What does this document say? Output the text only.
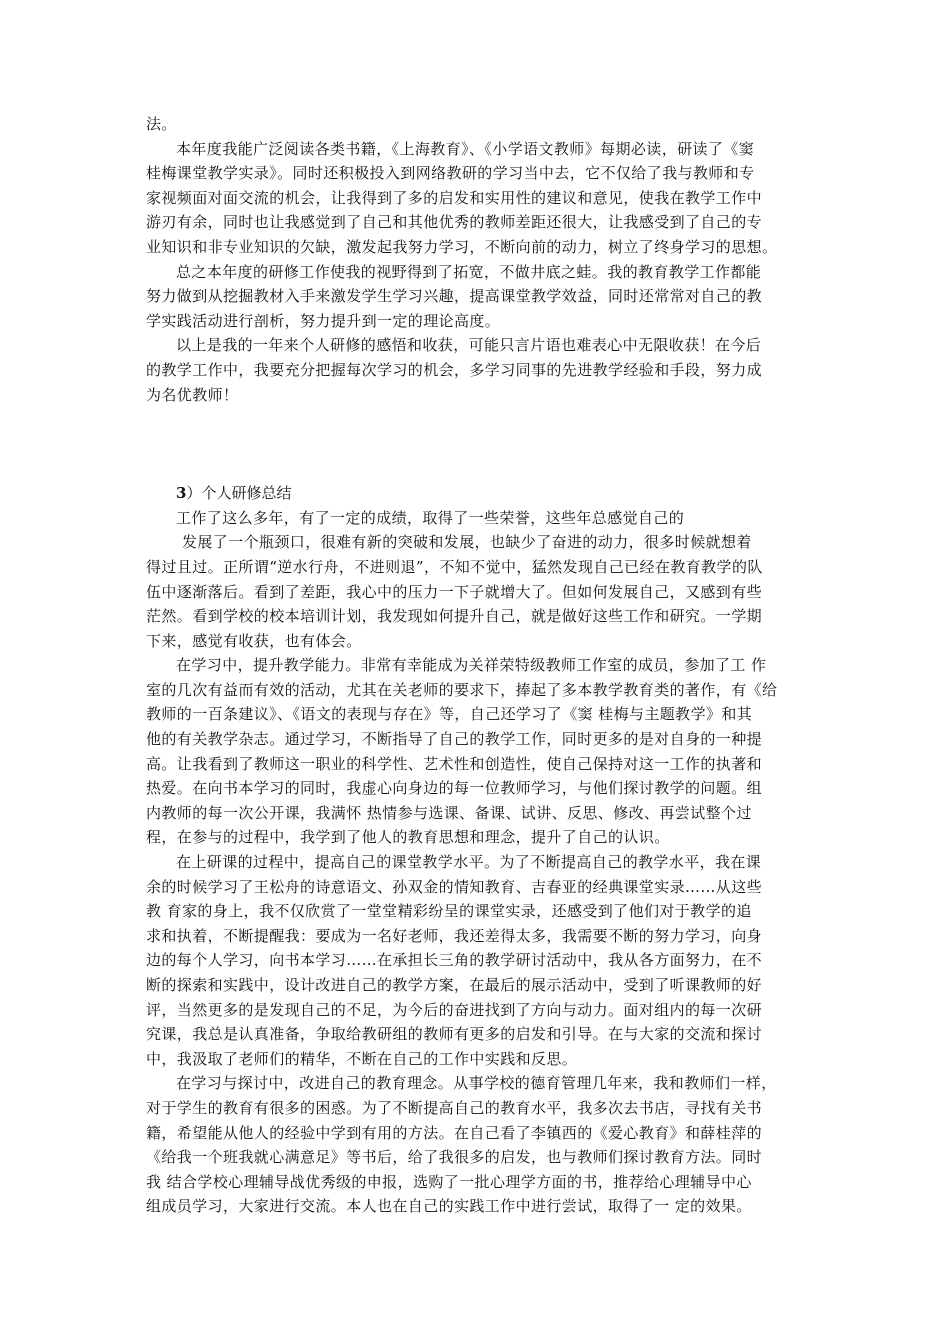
法。
本年度我能广泛阅读各类书籍，《上海教育》、《小学语文教师》每期必读，研读了《窦
桂梅课堂教学实录》。同时还积极投入到网络教研的学习当中去，它不仅给了我与教师和专
家视频面对面交流的机会，让我得到了多的启发和实用性的建议和意见，使我在教学工作中
游刃有余，同时也让我感觉到了自己和其他优秀的教师差距还很大，让我感受到了自己的专
业知识和非专业知识的欠缺，激发起我努力学习，不断向前的动力，树立了终身学习的思想。
总之本年度的研修工作使我的视野得到了拓宽，不做井底之蛙。我的教育教学工作都能
努力做到从挖掘教材入手来激发学生学习兴趣，提高课堂教学效益，同时还常常对自己的教
学实践活动进行剖析，努力提升到一定的理论高度。
以上是我的一年来个人研修的感悟和收获，可能只言片语也难表心中无限收获！在今后
的教学工作中，我要充分把握每次学习的机会，多学习同事的先进教学经验和手段，努力成
为名优教师！

3）个人研修总结

工作了这么多年，有了一定的成绩，取得了一些荣誉，这些年总感觉自己的
发展了一个瓶颈口，很难有新的突破和发展，也缺少了奋进的动力，很多时候就想着
得过且过。正所谓“逆水行舟，不进则退”，不知不觉中，猛然发现自己已经在教育教学的队
伍中逐渐落后。看到了差距，我心中的压力一下子就增大了。但如何发展自己，又感到有些
茫然。看到学校的校本培训计划，我发现如何提升自己，就是做好这些工作和研究。一学期
下来，感觉有收获，也有体会。
在学习中，提升教学能力。非常有幸能成为关祥荣特级教师工作室的成员，参加了工 作
室的几次有益而有效的活动，尤其在关老师的要求下，捧起了多本教学教育类的著作，有《给
教师的一百条建议》、《语文的表现与存在》等，自己还学习了《窦 桂梅与主题教学》和其
他的有关教学杂志。通过学习，不断指导了自己的教学工作，同时更多的是对自身的一种提
高。让我看到了教师这一职业的科学性、艺术性和创造性，使自己保持对这一工作的执著和
热爱。在向书本学习的同时，我虚心向身边的每一位教师学习，与他们探讨教学的问题。组
内教师的每一次公开课，我满怀 热情参与选课、备课、试讲、反思、修改、再尝试整个过
程，在参与的过程中，我学到了他人的教育思想和理念，提升了自己的认识。
在上研课的过程中，提高自己的课堂教学水平。为了不断提高自己的教学水平，我在课
余的时候学习了王松舟的诗意语文、孙双金的情知教育、吉春亚的经典课堂实录……从这些
教 育家的身上，我不仅欣赏了一堂堂精彩纷呈的课堂实录，还感受到了他们对于教学的追
求和执着，不断提醒我：要成为一名好老师，我还差得太多，我需要不断的努力学习，向身
边的每个人学习，向书本学习……在承担长三角的教学研讨活动中，我从各方面努力，在不
断的探索和实践中，设计改进自己的教学方案，在最后的展示活动中，受到了听课教师的好
评，当然更多的是发现自己的不足，为今后的奋进找到了方向与动力。面对组内的每一次研
究课，我总是认真准备，争取给教研组的教师有更多的启发和引导。在与大家的交流和探讨
中，我汲取了老师们的精华，不断在自己的工作中实践和反思。
在学习与探讨中，改进自己的教育理念。从事学校的德育管理几年来，我和教师们一样，
对于学生的教育有很多的困惑。为了不断提高自己的教育水平，我多次去书店，寻找有关书
籍，希望能从他人的经验中学到有用的方法。在自己看了李镇西的《爱心教育》和薛桂萍的
《给我一个班我就心满意足》等书后，给了我很多的启发，也与教师们探讨教育方法。同时
我 结合学校心理辅导战优秀级的申报，选购了一批心理学方面的书，推荐给心理辅导中心
组成员学习，大家进行交流。本人也在自己的实践工作中进行尝试，取得了一 定的效果。
